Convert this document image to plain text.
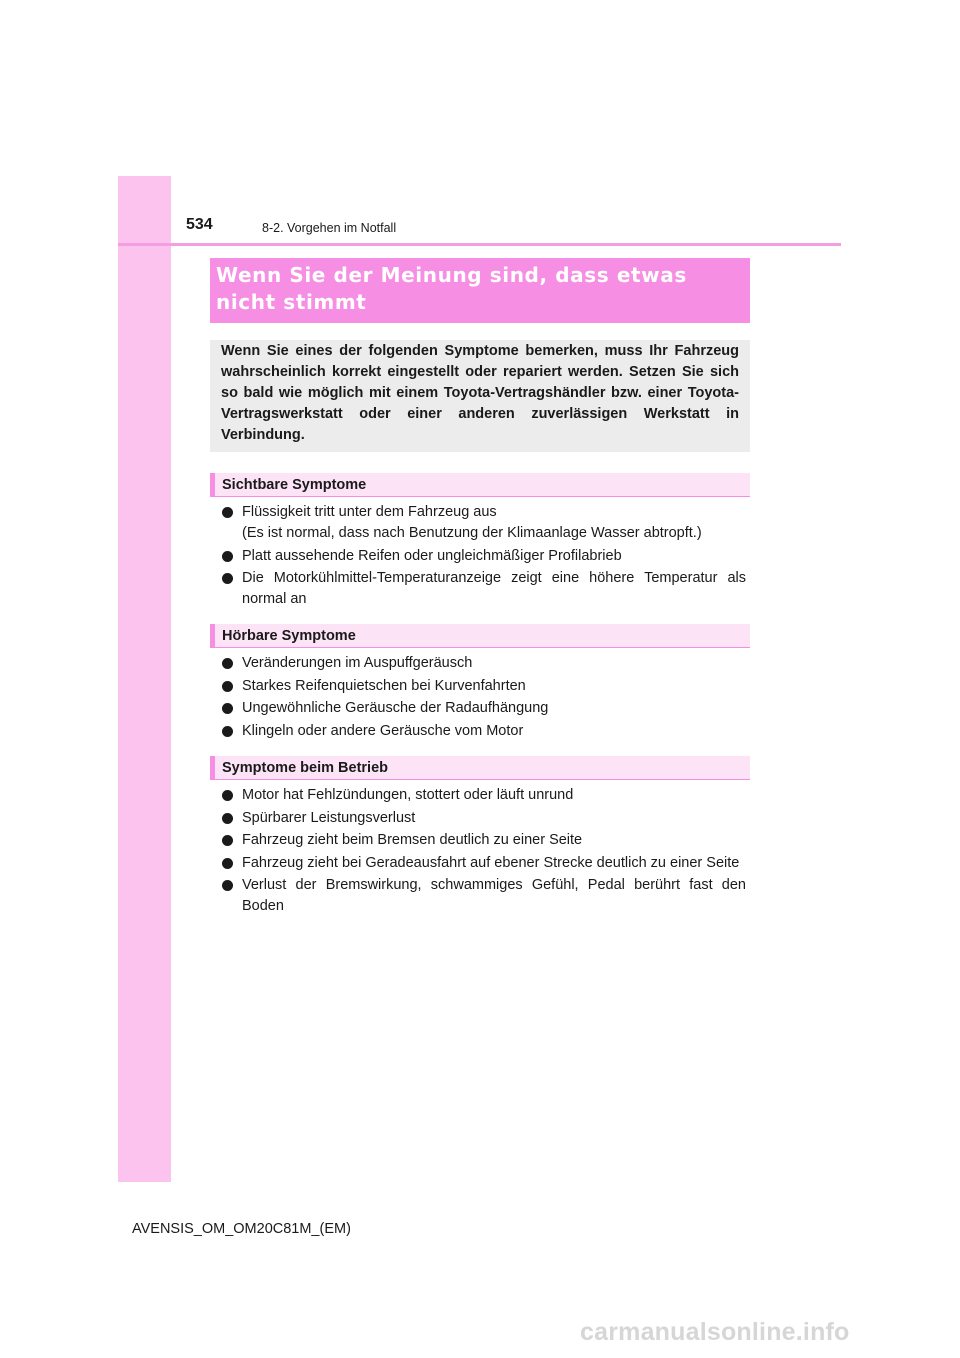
534	8-2. Vorgehen im Notfall
Wenn Sie der Meinung sind, dass etwas nicht stimmt

Wenn Sie eines der folgenden Symptome bemerken, muss Ihr Fahrzeug wahrscheinlich korrekt eingestellt oder repariert werden. Setzen Sie sich so bald wie möglich mit einem Toyota-Vertragshändler bzw. einer Toyota-Vertragswerkstatt oder einer anderen zuverlässigen Werkstatt in Verbindung.

Sichtbare Symptome
Flüssigkeit tritt unter dem Fahrzeug aus
(Es ist normal, dass nach Benutzung der Klimaanlage Wasser abtropft.)
Platt aussehende Reifen oder ungleichmäßiger Profilabrieb
Die Motorkühlmittel-Temperaturanzeige zeigt eine höhere Temperatur als normal an
Hörbare Symptome
Veränderungen im Auspuffgeräusch
Starkes Reifenquietschen bei Kurvenfahrten
Ungewöhnliche Geräusche der Radaufhängung
Klingeln oder andere Geräusche vom Motor
Symptome beim Betrieb
Motor hat Fehlzündungen, stottert oder läuft unrund
Spürbarer Leistungsverlust
Fahrzeug zieht beim Bremsen deutlich zu einer Seite
Fahrzeug zieht bei Geradeausfahrt auf ebener Strecke deutlich zu einer Seite
Verlust der Bremswirkung, schwammiges Gefühl, Pedal berührt fast den Boden
AVENSIS_OM_OM20C81M_(EM)
carmanualsonline.info
